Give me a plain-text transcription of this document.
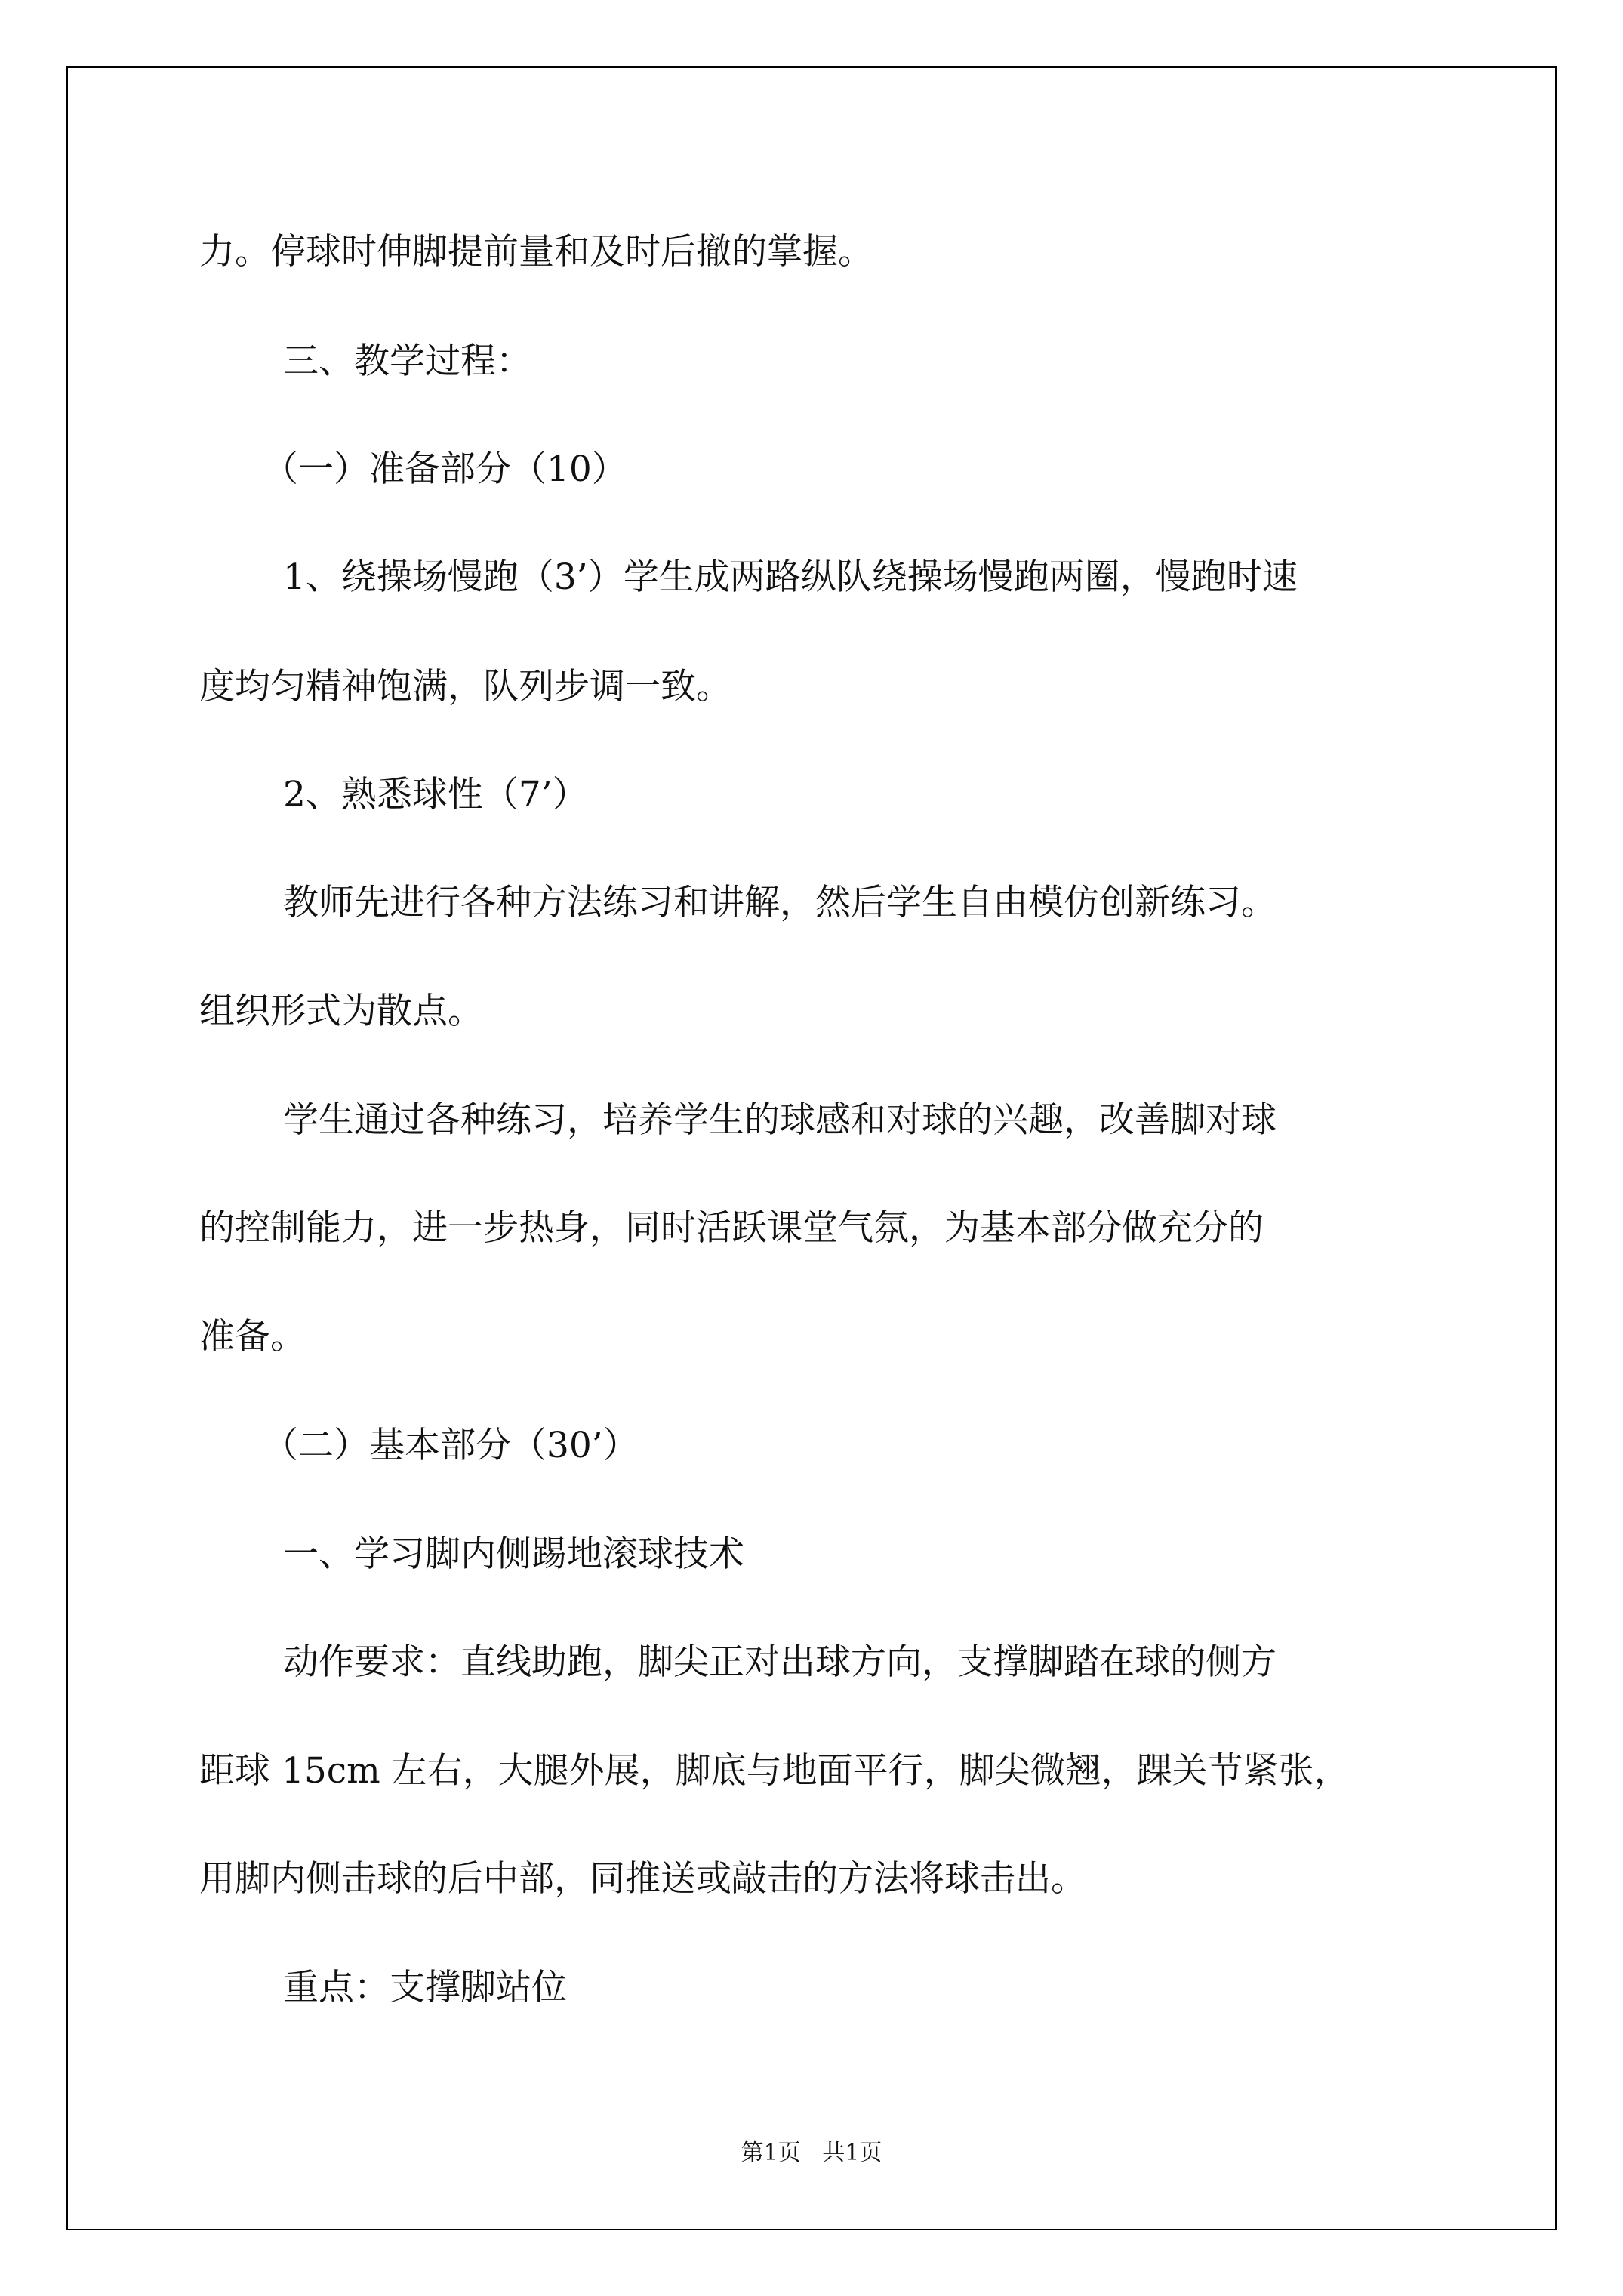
力。停球时伸脚提前量和及时后撤的掌握。

三、教学过程：

（一）准备部分（10）

1、绕操场慢跑（3’）学生成两路纵队绕操场慢跑两圈，慢跑时速

度均匀精神饱满，队列步调一致。

2、熟悉球性（7’）

教师先进行各种方法练习和讲解，然后学生自由模仿创新练习。

组织形式为散点。

学生通过各种练习，培养学生的球感和对球的兴趣，改善脚对球

的控制能力，进一步热身，同时活跃课堂气氛，为基本部分做充分的

准备。

（二）基本部分（30’）

一、学习脚内侧踢地滚球技术

动作要求：直线助跑，脚尖正对出球方向，支撑脚踏在球的侧方

距球 15cm 左右，大腿外展，脚底与地面平行，脚尖微翘，踝关节紧张，

用脚内侧击球的后中部，同推送或敲击的方法将球击出。

重点：支撑脚站位

第1页   共1页
